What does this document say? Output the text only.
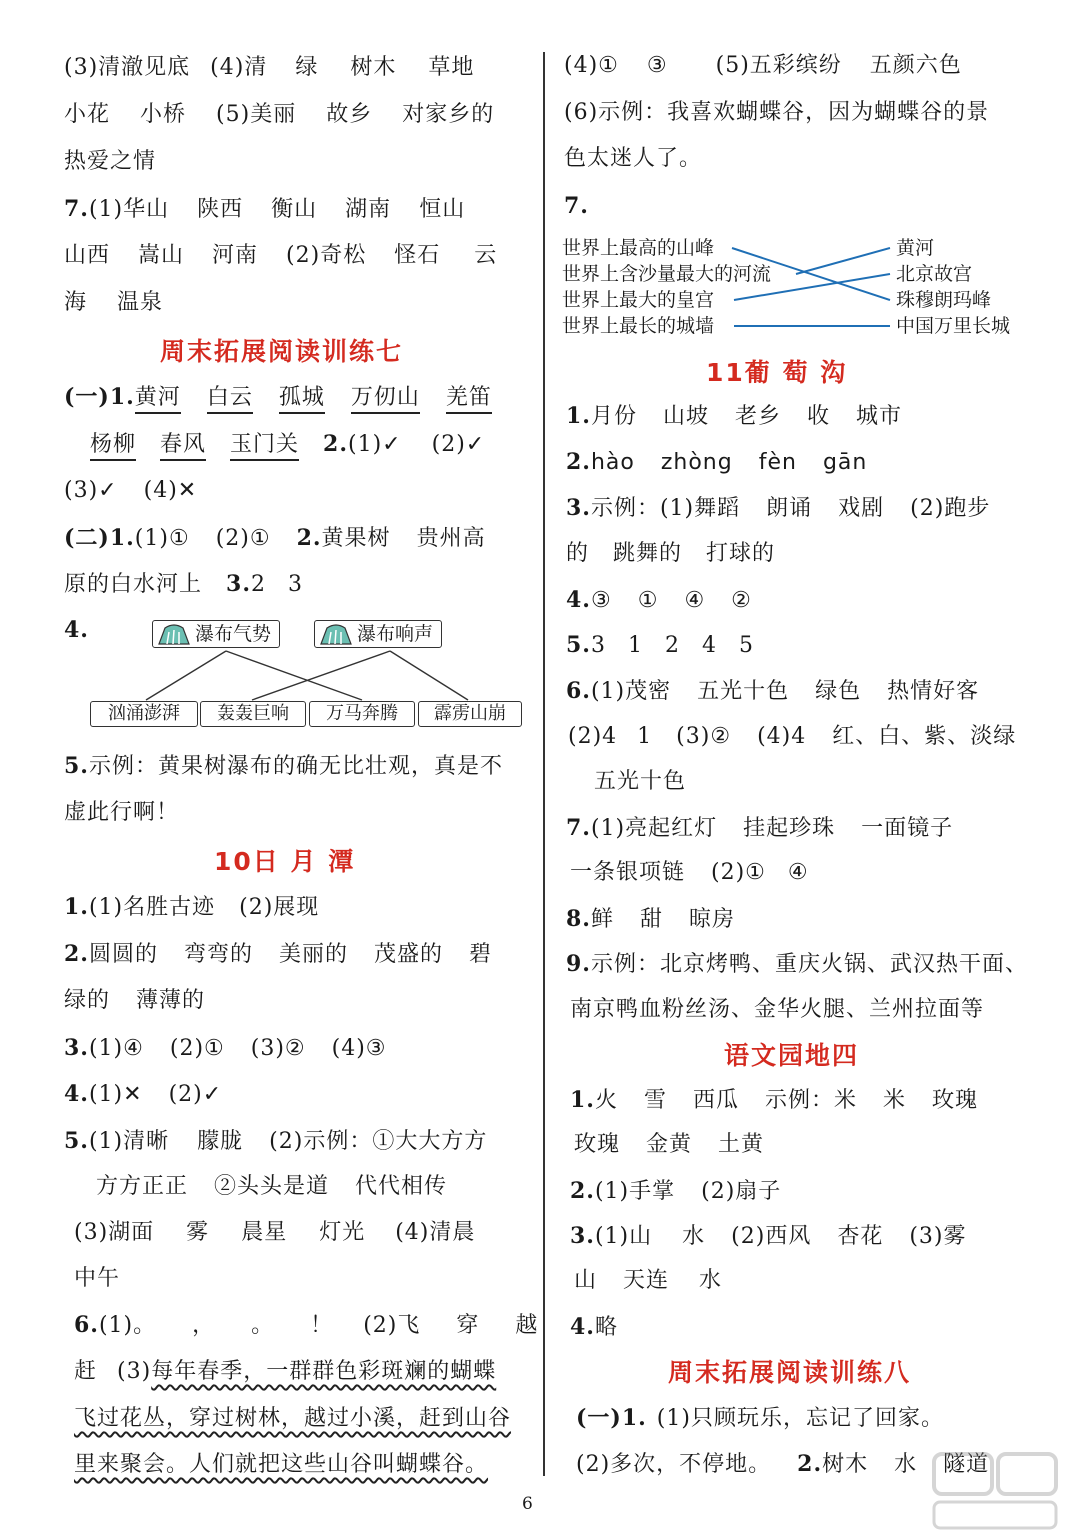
(3)清澈见底 (4)清 绿 树木 草地
小花 小桥 (5)美丽 故乡 对家乡的
热爱之情
7.(1)华山 陕西 衡山 湖南 恒山
山西 嵩山 河南 (2)奇松 怪石 云
海 温泉
周末拓展阅读训练七
(一)1.黄河 白云 孤城 万仞山 羌笛
杨柳 春风 玉门关 2.(1)✓ (2)✓
(3)✓ (4)✕
(二)1.(1)① (2)① 2.黄果树 贵州高
原的白水河上 3.2 3
4.	瀑布气势	瀑布响声
汹涌澎湃	轰轰巨响	万马奔腾	霹雳山崩
5.示例：黄果树瀑布的确无比壮观，真是不
虚此行啊！
10日 月 潭
1.(1)名胜古迹 (2)展现
2.圆圆的 弯弯的 美丽的 茂盛的 碧
绿的 薄薄的
3.(1)④ (2)① (3)② (4)③
4.(1)✕ (2)✓
5.(1)清晰 朦胧 (2)示例：①大大方方
方方正正 ②头头是道 代代相传
(3)湖面 雾 晨星 灯光 (4)清晨
中午
6.(1)。 ， 。 ！ (2)飞 穿 越
赶 (3)每年春季，一群群色彩斑斓的蝴蝶
飞过花丛，穿过树林，越过小溪，赶到山谷
里来聚会。人们就把这些山谷叫蝴蝶谷。
(4)① ③ (5)五彩缤纷 五颜六色
(6)示例：我喜欢蝴蝶谷，因为蝴蝶谷的景
色太迷人了。
7.
世界上最高的山峰
世界上含沙量最大的河流
世界上最大的皇宫
世界上最长的城墙
黄河
北京故宫
珠穆朗玛峰
中国万里长城
11葡 萄 沟
1.月份 山坡 老乡 收 城市
2.hào zhòng fèn gān
3.示例：(1)舞蹈 朗诵 戏剧 (2)跑步
的 跳舞的 打球的
4.③ ① ④ ②
5.3 1 2 4 5
6.(1)茂密 五光十色 绿色 热情好客
(2)4 1 (3)② (4)4 红、白、紫、淡绿
五光十色
7.(1)亮起红灯 挂起珍珠 一面镜子
一条银项链 (2)① ④
8.鲜 甜 晾房
9.示例：北京烤鸭、重庆火锅、武汉热干面、
南京鸭血粉丝汤、金华火腿、兰州拉面等
语文园地四
1.火 雪 西瓜 示例：米 米 玫瑰
玫瑰 金黄 土黄
2.(1)手掌 (2)扇子
3.(1)山 水 (2)西风 杏花 (3)雾
山 天连 水
4.略
周末拓展阅读训练八
(一)1. (1)只顾玩乐，忘记了回家。
(2)多次，不停地。 2.树木 水 隧道
6
